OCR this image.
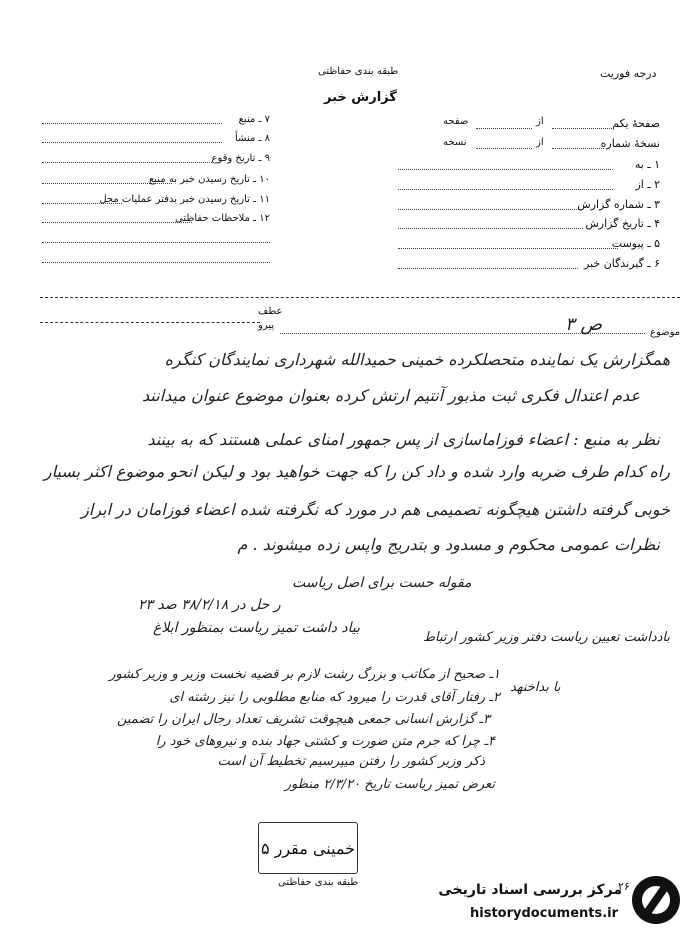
طبقه بندی حفاظتی
گزارش خبر
درجه فوریت
۷ ـ منبع
۸ ـ منشأ
۹ ـ تاریخ وقوع
۱۰ ـ تاریخ رسیدن خبر به منبع
۱۱ ـ تاریخ رسیدن خبر بدفتر عملیات محل
۱۲ ـ ملاحظات حفاظتی
صفحهٔ یکم
از
صفحه
نسخهٔ شماره
از
نسخه
۱ ـ به
۲ ـ از
۳ ـ شماره گزارش
۴ ـ تاریخ گزارش
۵ ـ پیوست
۶ ـ گیرندگان خبر
عطف
پیرو
موضوع
ص ۳
همگزارش یک نماینده متحصلکرده خمینی حمیدالله شهرداری نمایندگان کنگره
عدم اعتدال فکری ثبت مذبور آنتیم ارتش کرده بعنوان موضوع عنوان میدانند
نظر به منبع : اعضاء فوزاماسازی از پس جمهور امنای عملی هستند که به بینند
راه کدام طرف ضربه وارد شده و داد کن را که جهت خواهید بود و لیکن انحو موضوع اکثر بسیار
خوبی گرفته داشتن هیچگونه تصمیمی هم در مورد که نگرفته شده اعضاء فوزامان در ابراز
نظرات عمومی محکوم و مسدود و بتدریج واپس زده میشوند . م
مقوله حست برای اصل ریاست
ر حل در ۳۸/۲/۱۸ صد ۲۳
بیاد داشت تمیز ریاست بمنظور ابلاغ
بادداشت تعیین ریاست دفتر وزیر کشور ارتباط
با بداخنهد
۱ـ صحیح از مکاتب و بزرگ رشت لازم بر قضیه نخست وزیر و وزیر کشور
۲ـ رفتار آقای قدرت را میرود که منابع مطلوبی را نیز رشته ای
۳ـ گزارش انسانی جمعی هیچوقت تشریف تعداد رجال ایران را تضمین
۴ـ چرا که جرم متن صورت و کشتی جهاد بنده و نیروهای خود را
ذکر وزیر کشور را رفتن میپرسیم تخطیط آن است
تعرض تمیز ریاست تاریخ ۲/۳/۲۰ منظور
خمینی مقرر ۵
طبقه بندی حفاظتی	۲۶
مرکز بررسی اسناد تاریخی
historydocuments.ir
